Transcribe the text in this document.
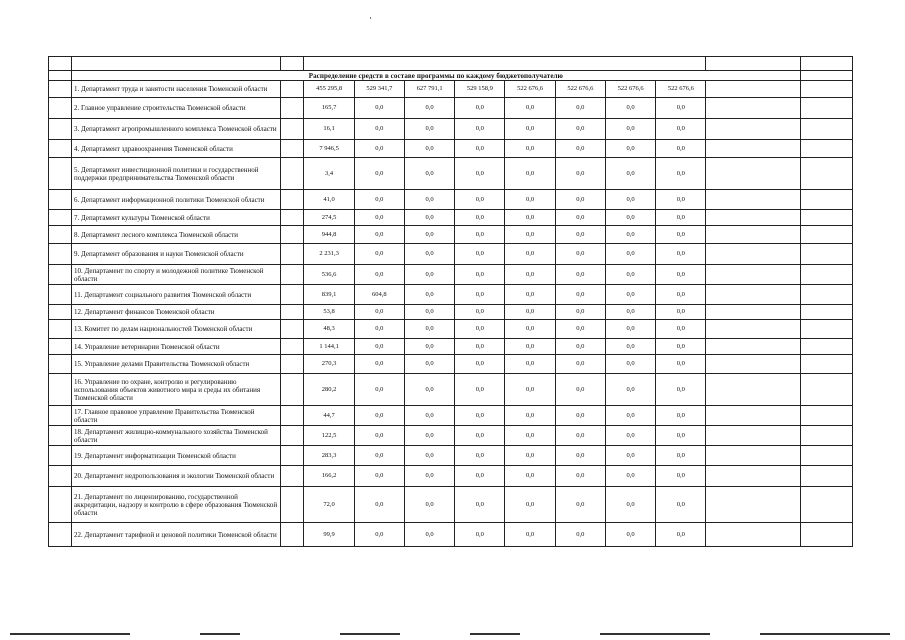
	Распределение средств в составе программы по каждому бюджетополучателю											
	1. Департамент труда и занятости населения Тюменской области		455 295,8	529 341,7	627 791,1	529 158,9	522 676,6	522 676,6	522 676,6	522 676,6		
	2. Главное управление строительства Тюменской области		165,7	0,0	0,0	0,0	0,0	0,0	0,0	0,0		
	3. Департамент агропромышленного комплекса Тюменской области		16,1	0,0	0,0	0,0	0,0	0,0	0,0	0,0		
	4. Департамент здравоохранения Тюменской области		7 946,5	0,0	0,0	0,0	0,0	0,0	0,0	0,0		
	5. Департамент инвестиционной политики и государственной поддержки предпринимательства Тюменской области		3,4	0,0	0,0	0,0	0,0	0,0	0,0	0,0		
	6. Департамент информационной политики Тюменской области		41,0	0,0	0,0	0,0	0,0	0,0	0,0	0,0		
	7. Департамент культуры Тюменской области		274,5	0,0	0,0	0,0	0,0	0,0	0,0	0,0		
	8. Департамент лесного комплекса Тюменской области		944,8	0,0	0,0	0,0	0,0	0,0	0,0	0,0		
	9. Департамент образования и науки Тюменской области		2 231,3	0,0	0,0	0,0	0,0	0,0	0,0	0,0		
	10. Департамент по спорту и молодежной политике Тюменской области		536,6	0,0	0,0	0,0	0,0	0,0	0,0	0,0		
	11. Департамент социального развития Тюменской области		839,1	604,8	0,0	0,0	0,0	0,0	0,0	0,0		
	12. Департамент финансов Тюменской области		53,8	0,0	0,0	0,0	0,0	0,0	0,0	0,0		
	13. Комитет по делам национальностей Тюменской области		48,3	0,0	0,0	0,0	0,0	0,0	0,0	0,0		
	14. Управление ветеринарии Тюменской области		1 144,1	0,0	0,0	0,0	0,0	0,0	0,0	0,0		
	15. Управление делами Правительства Тюменской области		270,3	0,0	0,0	0,0	0,0	0,0	0,0	0,0		
	16. Управление по охране, контролю и регулированию использования объектов животного мира и среды их обитания Тюменской области		280,2	0,0	0,0	0,0	0,0	0,0	0,0	0,0		
	17. Главное правовое управление Правительства Тюменской области		44,7	0,0	0,0	0,0	0,0	0,0	0,0	0,0		
	18. Департамент жилищно-коммунального хозяйства Тюменской области		122,5	0,0	0,0	0,0	0,0	0,0	0,0	0,0		
	19. Департамент информатизации Тюменской области		283,3	0,0	0,0	0,0	0,0	0,0	0,0	0,0		
	20. Департамент недропользования и экологии Тюменской области		166,2	0,0	0,0	0,0	0,0	0,0	0,0	0,0		
	21. Департамент по лицензированию, государственной аккредитации, надзору и контролю в сфере образования Тюменской области		72,0	0,0	0,0	0,0	0,0	0,0	0,0	0,0		
	22. Департамент тарифной и ценовой политики Тюменской области		99,9	0,0	0,0	0,0	0,0	0,0	0,0	0,0		
